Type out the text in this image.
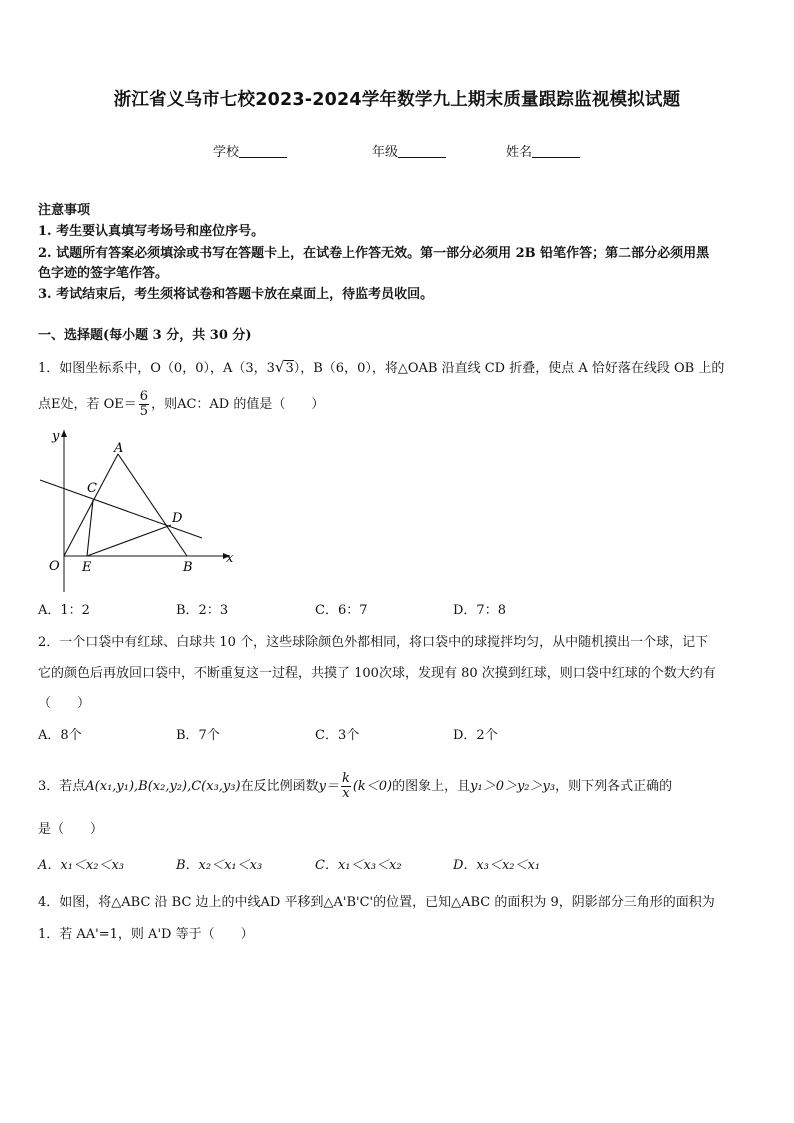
浙江省义乌市七校2023-2024学年数学九上期末质量跟踪监视模拟试题
学校	年级	姓名
注意事项
1. 考生要认真填写考场号和座位序号。
2. 试题所有答案必须填涂或书写在答题卡上，在试卷上作答无效。第一部分必须用 2B 铅笔作答；第二部分必须用黑
色字迹的签字笔作答。
3. 考试结束后，考生须将试卷和答题卡放在桌面上，待监考员收回。
一、选择题(每小题 3 分，共 30 分)
1．如图坐标系中，O（0，0），A（3，3√3），B（6，0），将△OAB 沿直线 CD 折叠，使点 A 恰好落在线段 OB 上的
点E处，若 $OE= \frac{6}{5}$ ，则AC：AD 的值是（　　）
y
x
O
A
B
C
D
E
A．1：2	B．2：3	C．6：7	D．7：8
2．一个口袋中有红球、白球共 10 个，这些球除颜色外都相同，将口袋中的球搅拌均匀，从中随机摸出一个球，记下
它的颜色后再放回口袋中，不断重复这一过程，共摸了 100次球，发现有 80 次摸到红球，则口袋中红球的个数大约有
（　　）
A．8个	B．7个	C．3个	D．2个
3．若点A(x₁,y₁),B(x₂,y₂),C(x₃,y₃)在反比例函数$y= \frac{k}{x} (k<0)$的图象上，且y₁＞0＞y₂＞y₃，则下列各式正确的
是（　　）
A．x₁＜x₂＜x₃	B．x₂＜x₁＜x₃	C．x₁＜x₃＜x₂	D．x₃＜x₂＜x₁
4．如图，将△ABC 沿 BC 边上的中线AD 平移到△A'B'C'的位置，已知△ABC 的面积为 9，阴影部分三角形的面积为
1．若 AA'=1，则 A'D 等于（　　）
